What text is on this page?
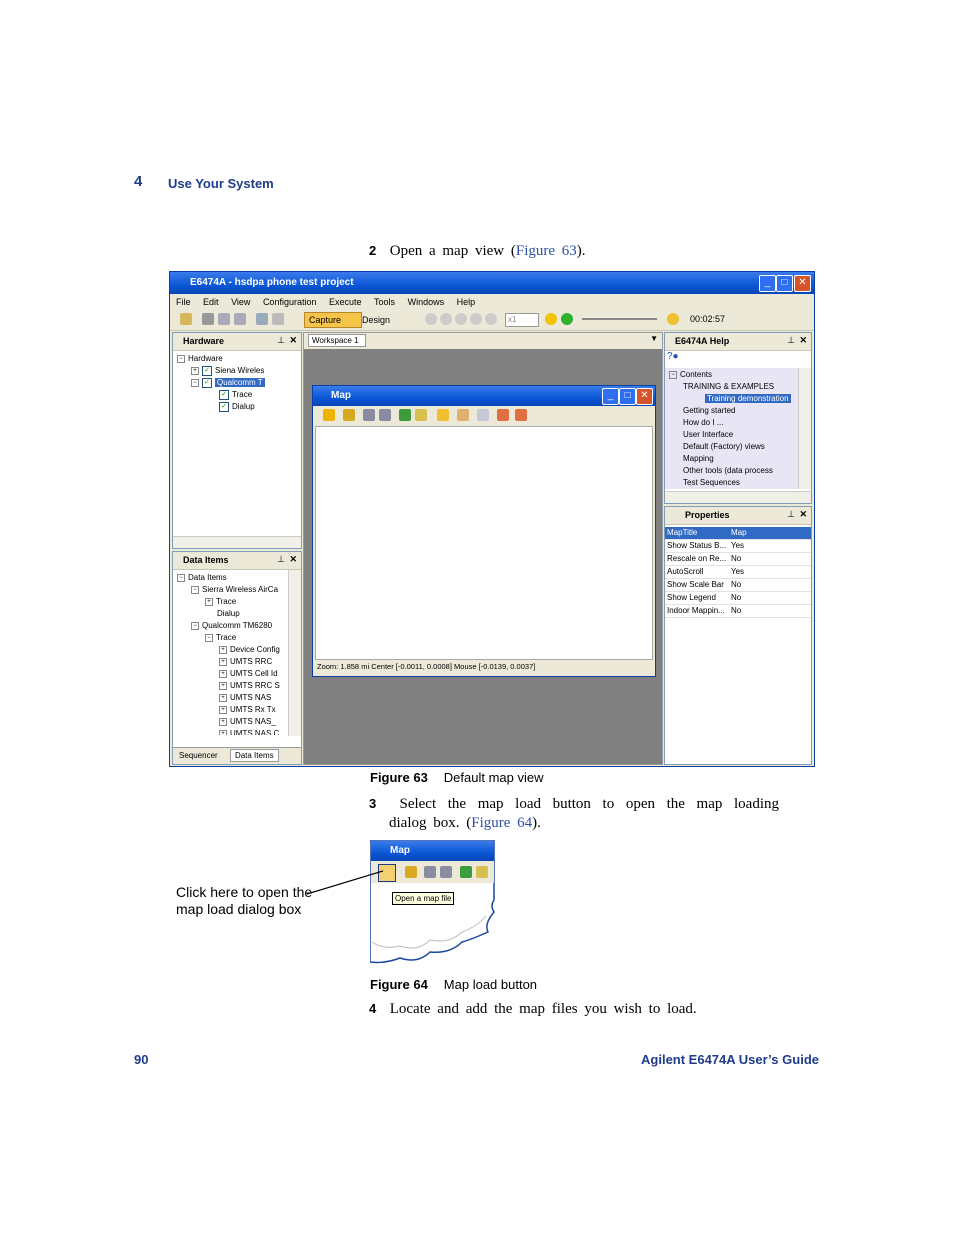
4 Use Your System
2 Open a map view (Figure 63).
E6474A - hsdpa phone test project	_	□	✕
File Edit View Configuration Execute Tools Windows Help
Capture	Design	x1	00:02:57
Hardware	⊥ ✕
− Hardware
+ ✓ Siena Wireles
− ✓ Qualcomm T
✓ Trace
✓ Dialup
Data Items	⊥ ✕
− Data Items
− Sierra Wireless AirCa
+ Trace
Dialup
− Qualcomm TM6280
− Trace
+ Device Config
+ UMTS RRC
+ UMTS Cell Id
+ UMTS RRC S
+ UMTS NAS
+ UMTS Rx Tx
+ UMTS NAS_
+ UMTS NAS C
Sequencer Data Items
Workspace 1	▼
Map	_	□ ✕
Zoom: 1.858 mi Center [-0.0011, 0.0008] Mouse [-0.0139, 0.0037]
E6474A Help	⊥ ✕
?●
− Contents
TRAINING & EXAMPLES
Training demonstration
Getting started
How do I ...
User Interface
Default (Factory) views
Mapping
Other tools (data process
Test Sequences
Properties	⊥ ✕
MapTitle	Map
Show Status B... Yes
Rescale on Re... No
AutoScroll	Yes
Show Scale Bar No
Show Legend No
Indoor Mappin... No
Figure 63 Default map view
3 Select the map load button to open the map loading
dialog box. (Figure 64).
Map
Open a map file
Click here to open the
map load dialog box
Figure 64 Map load button
4 Locate and add the map files you wish to load.
90	Agilent E6474A User’s Guide
